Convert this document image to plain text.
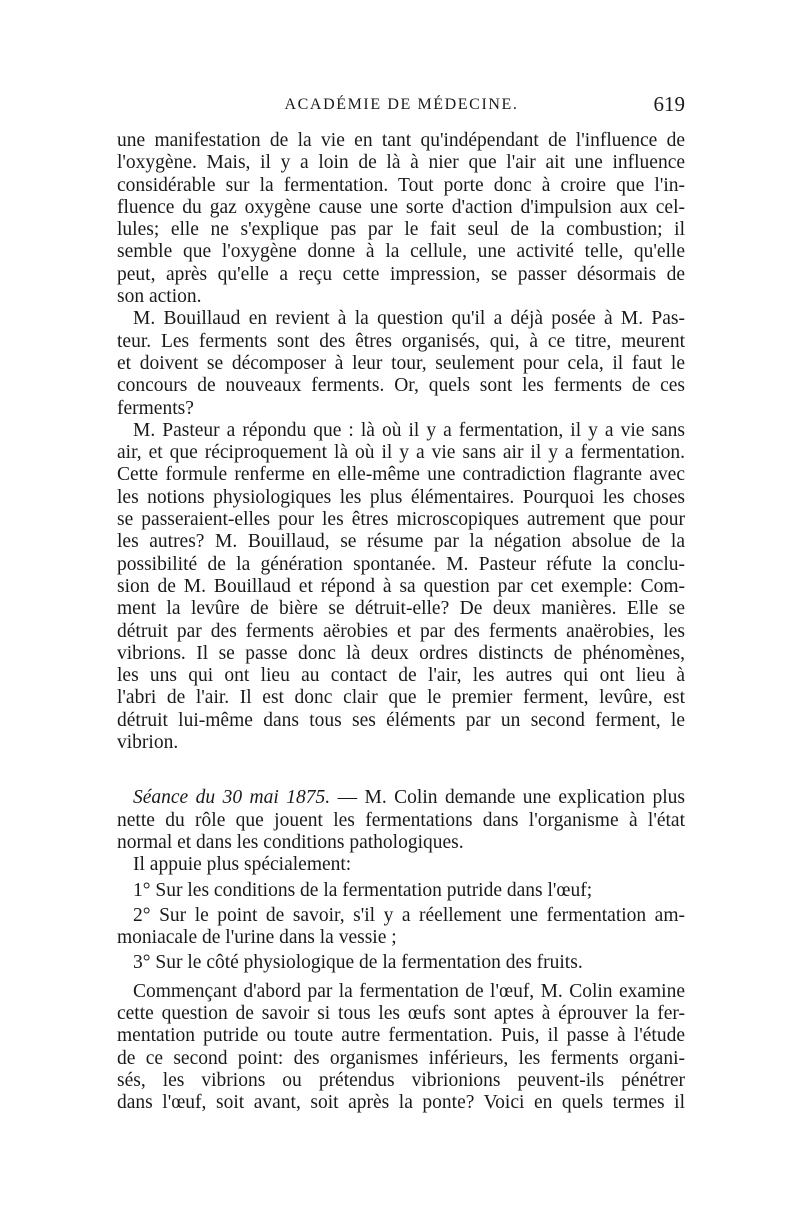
ACADÉMIE DE MÉDECINE.	619
une manifestation de la vie en tant qu'indépendant de l'influence de
l'oxygène. Mais, il y a loin de là à nier que l'air ait une influence
considérable sur la fermentation. Tout porte donc à croire que l'in-
fluence du gaz oxygène cause une sorte d'action d'impulsion aux cel-
lules; elle ne s'explique pas par le fait seul de la combustion; il
semble que l'oxygène donne à la cellule, une activité telle, qu'elle
peut, après qu'elle a reçu cette impression, se passer désormais de
son action.
M. Bouillaud en revient à la question qu'il a déjà posée à M. Pas-
teur. Les ferments sont des êtres organisés, qui, à ce titre, meurent
et doivent se décomposer à leur tour, seulement pour cela, il faut le
concours de nouveaux ferments. Or, quels sont les ferments de ces
ferments?
M. Pasteur a répondu que : là où il y a fermentation, il y a vie sans
air, et que réciproquement là où il y a vie sans air il y a fermentation.
Cette formule renferme en elle-même une contradiction flagrante avec
les notions physiologiques les plus élémentaires. Pourquoi les choses
se passeraient-elles pour les êtres microscopiques autrement que pour
les autres? M. Bouillaud, se résume par la négation absolue de la
possibilité de la génération spontanée. M. Pasteur réfute la conclu-
sion de M. Bouillaud et répond à sa question par cet exemple: Com-
ment la levûre de bière se détruit-elle? De deux manières. Elle se
détruit par des ferments aërobies et par des ferments anaërobies, les
vibrions. Il se passe donc là deux ordres distincts de phénomènes,
les uns qui ont lieu au contact de l'air, les autres qui ont lieu à
l'abri de l'air. Il est donc clair que le premier ferment, levûre, est
détruit lui-même dans tous ses éléments par un second ferment, le
vibrion.
Séance du 30 mai 1875. — M. Colin demande une explication plus
nette du rôle que jouent les fermentations dans l'organisme à l'état
normal et dans les conditions pathologiques.
Il appuie plus spécialement:
1° Sur les conditions de la fermentation putride dans l'œuf;
2° Sur le point de savoir, s'il y a réellement une fermentation am-
moniacale de l'urine dans la vessie ;
3° Sur le côté physiologique de la fermentation des fruits.
Commençant d'abord par la fermentation de l'œuf, M. Colin examine
cette question de savoir si tous les œufs sont aptes à éprouver la fer-
mentation putride ou toute autre fermentation. Puis, il passe à l'étude
de ce second point: des organismes inférieurs, les ferments organi-
sés, les vibrions ou prétendus vibrionions peuvent-ils pénétrer
dans l'œuf, soit avant, soit après la ponte? Voici en quels termes il
